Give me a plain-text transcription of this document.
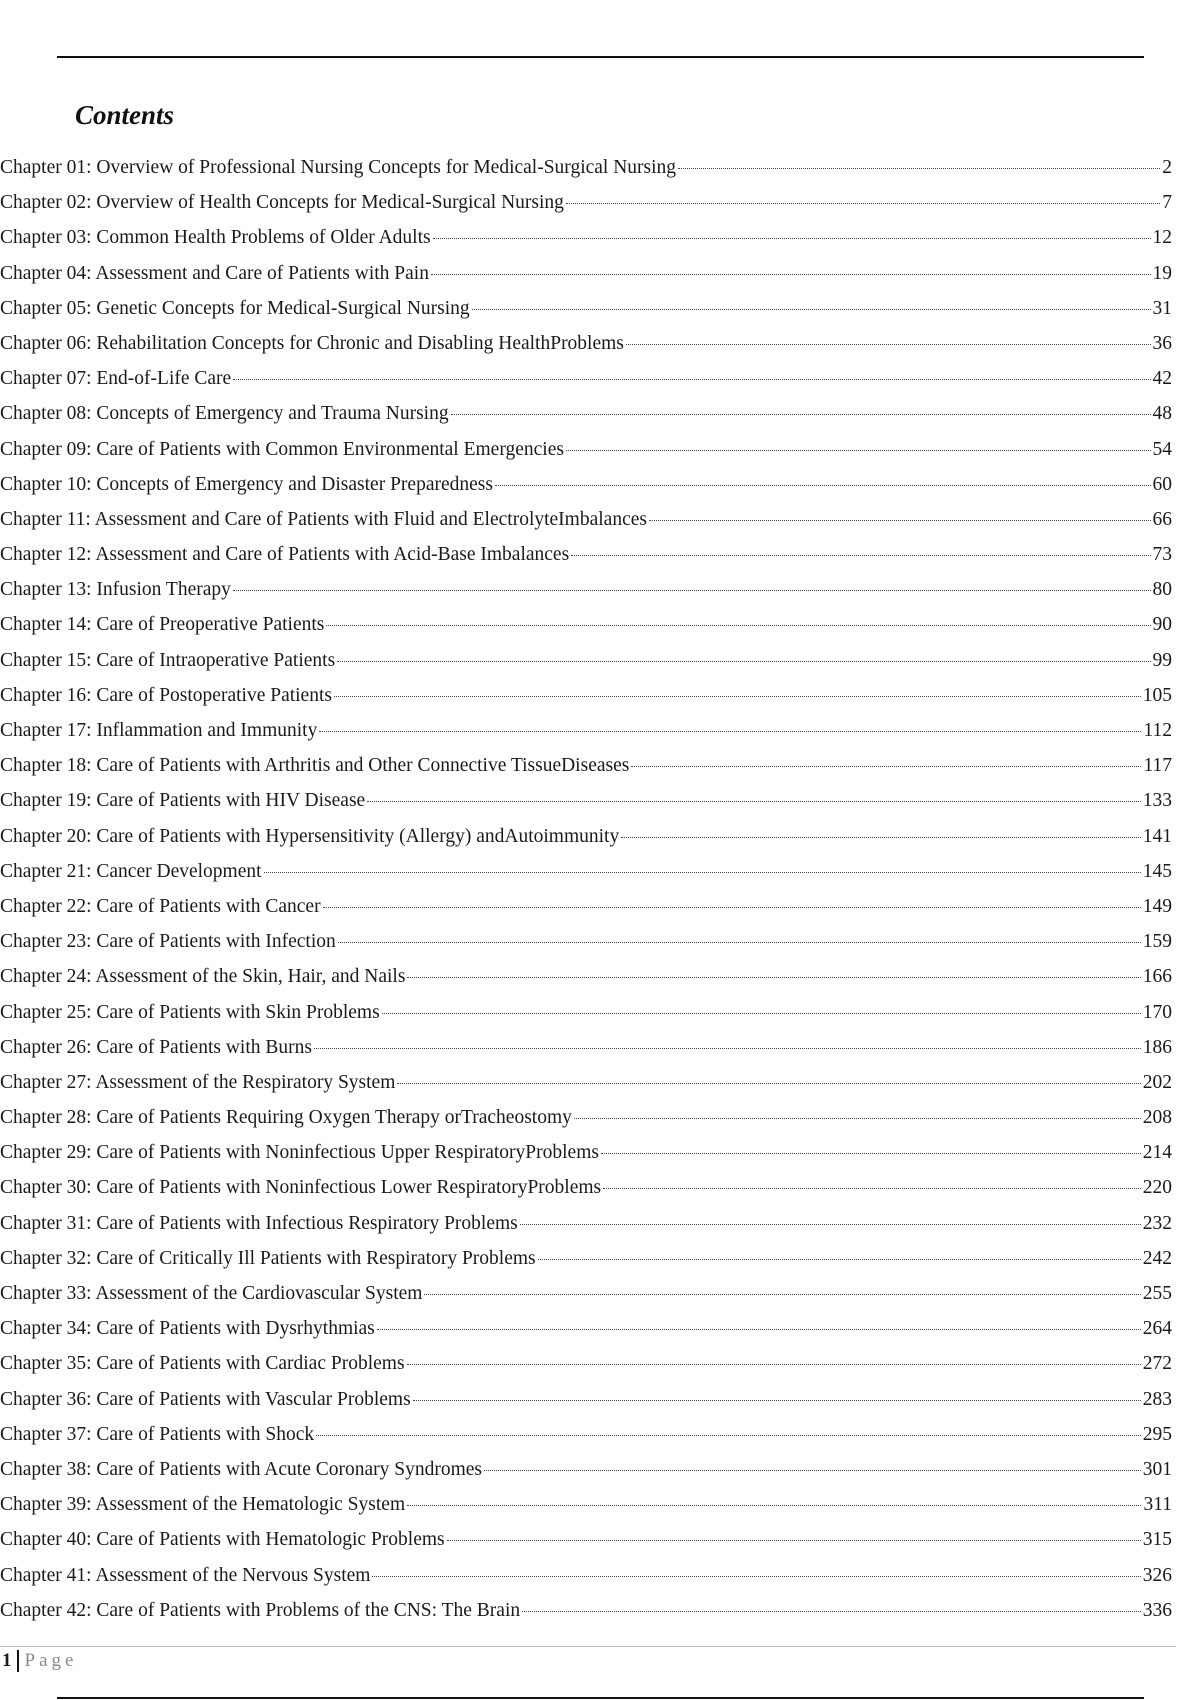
Contents
Chapter 01: Overview of Professional Nursing Concepts for Medical-Surgical Nursing	2
Chapter 02: Overview of Health Concepts for Medical-Surgical Nursing	7
Chapter 03: Common Health Problems of Older Adults	12
Chapter 04: Assessment and Care of Patients with Pain	19
Chapter 05: Genetic Concepts for Medical-Surgical Nursing	31
Chapter 06: Rehabilitation Concepts for Chronic and Disabling HealthProblems	36
Chapter 07: End-of-Life Care	42
Chapter 08: Concepts of Emergency and Trauma Nursing	48
Chapter 09: Care of Patients with Common Environmental Emergencies	54
Chapter 10: Concepts of Emergency and Disaster Preparedness	60
Chapter 11: Assessment and Care of Patients with Fluid and ElectrolyteImbalances	66
Chapter 12: Assessment and Care of Patients with Acid-Base Imbalances	73
Chapter 13: Infusion Therapy	80
Chapter 14: Care of Preoperative Patients	90
Chapter 15: Care of Intraoperative Patients	99
Chapter 16: Care of Postoperative Patients	105
Chapter 17: Inflammation and Immunity	112
Chapter 18: Care of Patients with Arthritis and Other Connective TissueDiseases	117
Chapter 19: Care of Patients with HIV Disease	133
Chapter 20: Care of Patients with Hypersensitivity (Allergy) andAutoimmunity	141
Chapter 21: Cancer Development	145
Chapter 22: Care of Patients with Cancer	149
Chapter 23: Care of Patients with Infection	159
Chapter 24: Assessment of the Skin, Hair, and Nails	166
Chapter 25: Care of Patients with Skin Problems	170
Chapter 26: Care of Patients with Burns	186
Chapter 27: Assessment of the Respiratory System	202
Chapter 28: Care of Patients Requiring Oxygen Therapy orTracheostomy	208
Chapter 29: Care of Patients with Noninfectious Upper RespiratoryProblems	214
Chapter 30: Care of Patients with Noninfectious Lower RespiratoryProblems	220
Chapter 31: Care of Patients with Infectious Respiratory Problems	232
Chapter 32: Care of Critically Ill Patients with Respiratory Problems	242
Chapter 33: Assessment of the Cardiovascular System	255
Chapter 34: Care of Patients with Dysrhythmias	264
Chapter 35: Care of Patients with Cardiac Problems	272
Chapter 36: Care of Patients with Vascular Problems	283
Chapter 37: Care of Patients with Shock	295
Chapter 38: Care of Patients with Acute Coronary Syndromes	301
Chapter 39: Assessment of the Hematologic System	311
Chapter 40: Care of Patients with Hematologic Problems	315
Chapter 41: Assessment of the Nervous System	326
Chapter 42: Care of Patients with Problems of the CNS: The Brain	336
1 Page
